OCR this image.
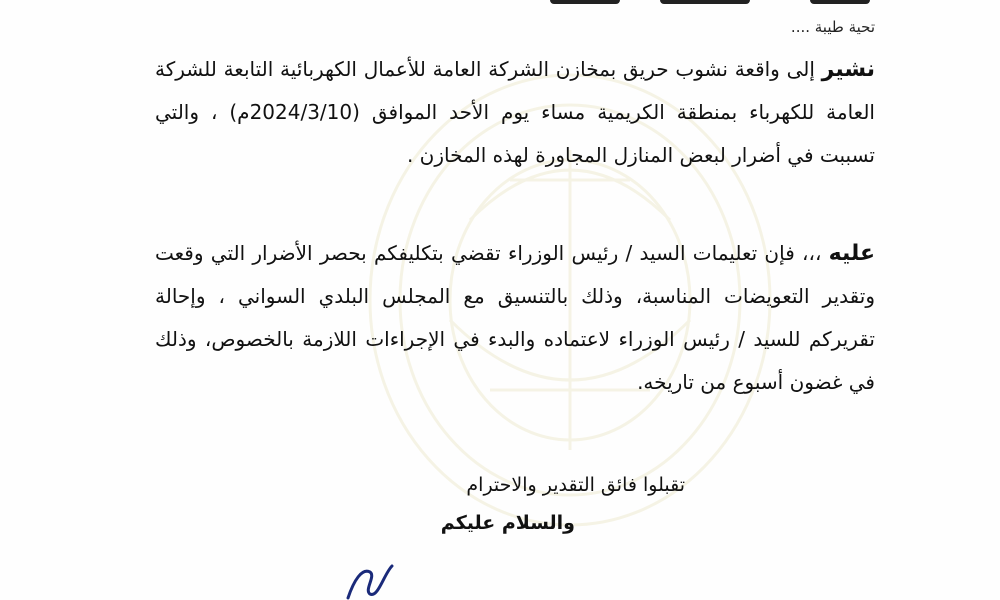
تحية طيبة ....
نشير إلى واقعة نشوب حريق بمخازن الشركة العامة للأعمال الكهربائية التابعة للشركة العامة للكهرباء بمنطقة الكريمية مساء يوم الأحد الموافق (2024/3/10م) ، والتي تسببت في أضرار لبعض المنازل المجاورة لهذه المخازن .
عليه ،،، فإن تعليمات السيد / رئيس الوزراء تقضي بتكليفكم بحصر الأضرار التي وقعت وتقدير التعويضات المناسبة، وذلك بالتنسيق مع المجلس البلدي السواني ، وإحالة تقريركم للسيد / رئيس الوزراء لاعتماده والبدء في الإجراءات اللازمة بالخصوص، وذلك في غضون أسبوع من تاريخه.
تقبلوا فائق التقدير والاحترام
والسلام عليكم
